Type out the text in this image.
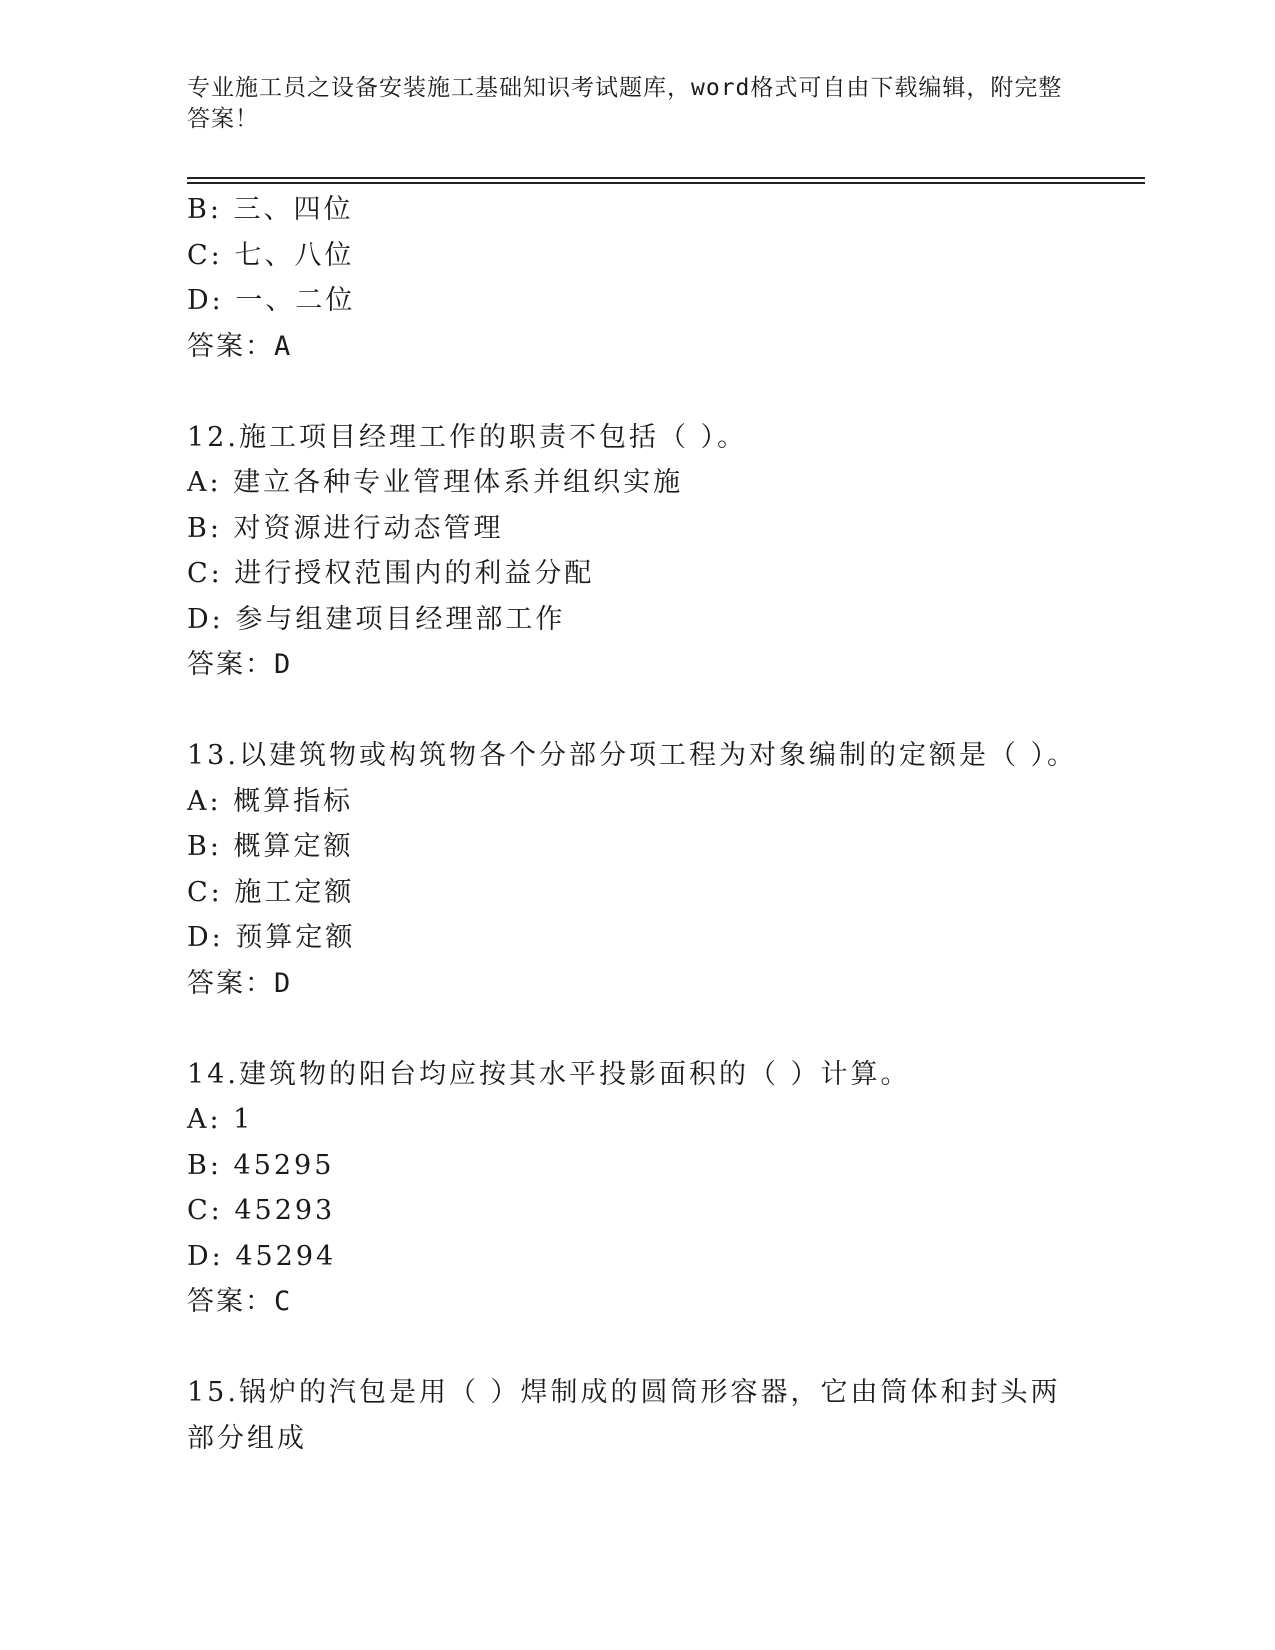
专业施工员之设备安装施工基础知识考试题库，word格式可自由下载编辑，附完整答案！
B: 三、四位
C: 七、八位
D: 一、二位
答案：A
12.施工项目经理工作的职责不包括（ ）。
A: 建立各种专业管理体系并组织实施
B: 对资源进行动态管理
C: 进行授权范围内的利益分配
D: 参与组建项目经理部工作
答案：D
13.以建筑物或构筑物各个分部分项工程为对象编制的定额是（ ）。
A: 概算指标
B: 概算定额
C: 施工定额
D: 预算定额
答案：D
14.建筑物的阳台均应按其水平投影面积的（ ）计算。
A: 1
B: 45295
C: 45293
D: 45294
答案：C
15.锅炉的汽包是用（ ）焊制成的圆筒形容器，它由筒体和封头两部分组成
